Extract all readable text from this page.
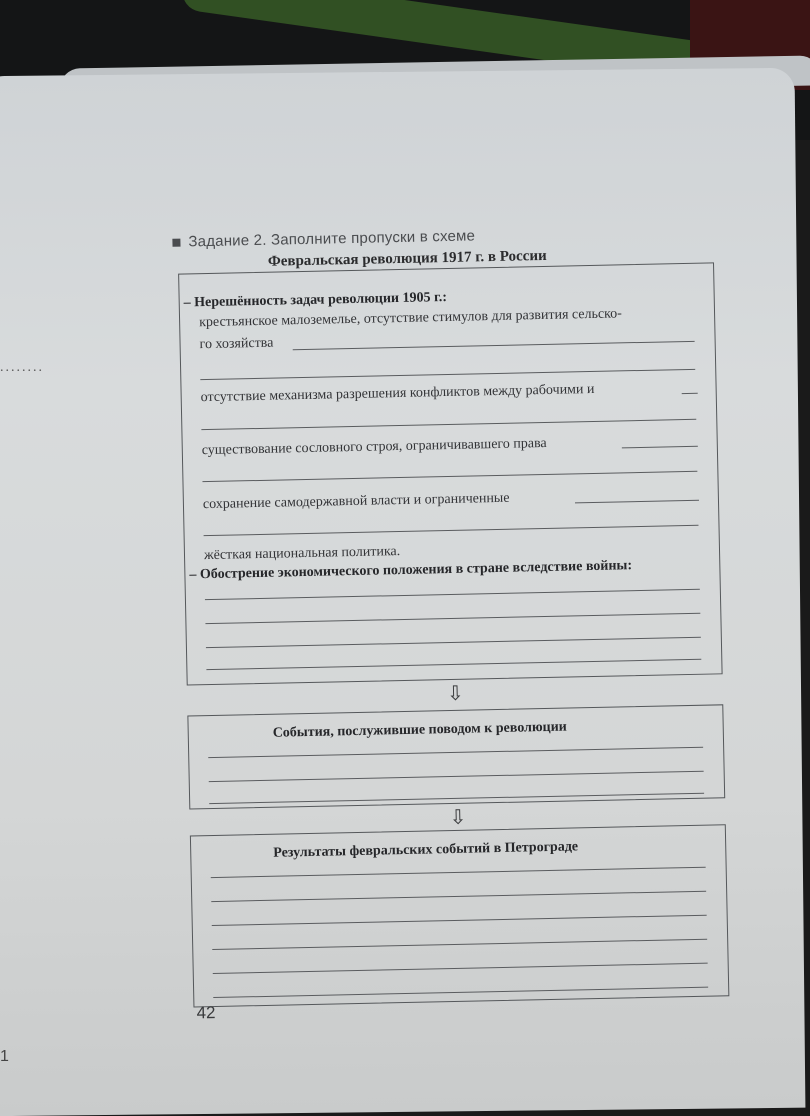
........
1
Задание 2. Заполните пропуски в схеме
Февральская революция 1917 г. в России
– Нерешённость задач революции 1905 г.:
крестьянское малоземелье, отсутствие стимулов для развития сельско-
го хозяйства
отсутствие механизма разрешения конфликтов между рабочими и
существование сословного строя, ограничивавшего права
сохранение самодержавной власти и ограниченные
жёсткая национальная политика.
– Обострение экономического положения в стране вследствие войны:
⇩
События, послужившие поводом к революции
⇩
Результаты февральских событий в Петрограде
42
